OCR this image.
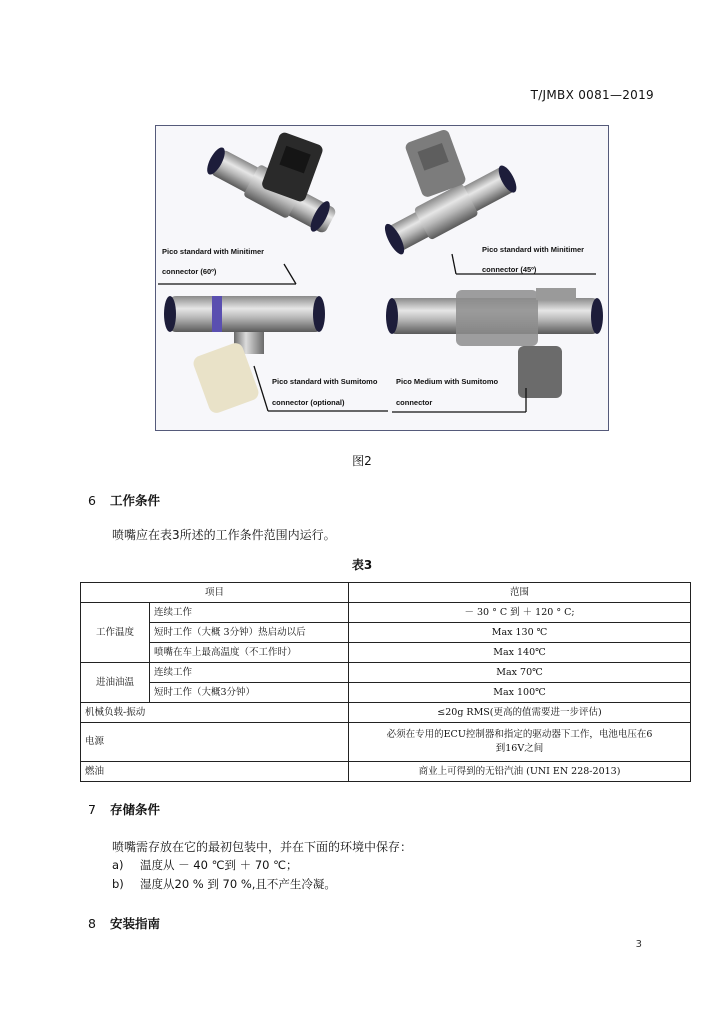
T/JMBX 0081—2019
Pico standard with Minitimer
connector (60º)
Pico standard with Minitimer
connector (45º)
Pico standard with Sumitomo
connector (optional)
Pico Medium with Sumitomo
connector
图2
6 工作条件
喷嘴应在表3所述的工作条件范围内运行。
表3
项目		范围
工作温度	连续工作	－ 30 ° C 到 ＋ 120 ° C;
	短时工作（大概 3分钟）热启动以后	Max 130 ℃
	喷嘴在车上最高温度（不工作时）	Max 140℃
进油油温	连续工作	Max 70℃
	短时工作（大概3分钟）	Max 100℃
机械负载-振动		≤20g RMS(更高的值需要进一步评估)
电源		必须在专用的ECU控制器和指定的驱动器下工作，电池电压在6
到16V之间

燃油		商业上可得到的无铅汽油 (UNI EN 228-2013)
7 存储条件
喷嘴需存放在它的最初包装中，并在下面的环境中保存：
a) 温度从 － 40 ℃到 ＋ 70 ℃；
b) 湿度从20 % 到 70 %,且不产生冷凝。
8 安装指南
3
